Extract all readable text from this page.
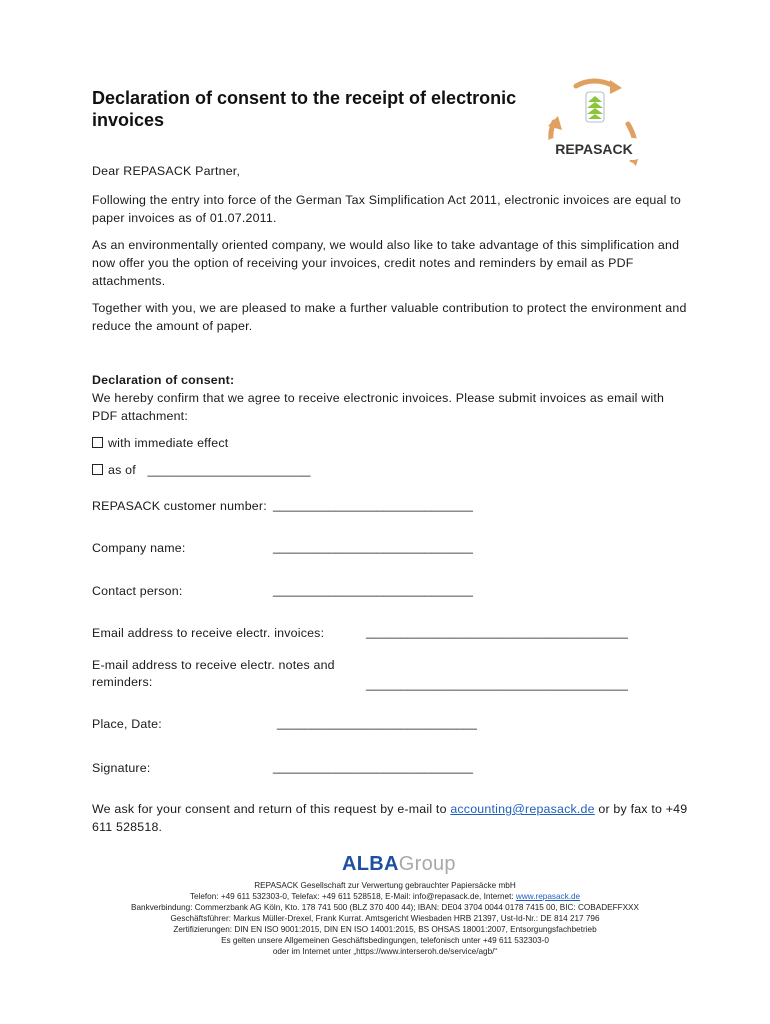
Declaration of consent to the receipt of electronic invoices
REPASACK
Dear REPASACK Partner,
Following the entry into force of the German Tax Simplification Act 2011, electronic invoices are equal to paper invoices as of 01.07.2011.
As an environmentally oriented company, we would also like to take advantage of this simplification and now offer you the option of receiving your invoices, credit notes and reminders by email as PDF attachments.
Together with you, we are pleased to make a further valuable contribution to protect the environment and reduce the amount of paper.
Declaration of consent:
We hereby confirm that we agree to receive electronic invoices. Please submit invoices as email with PDF attachment:
with immediate effect
as of _______________________
REPASACK customer number: _____________________________
Company name:	_____________________________
Contact person:	_____________________________
Email address to receive electr. invoices:	______________________________________
E-mail address to receive electr. notes and reminders:	______________________________________
Place, Date:	_____________________________
Signature:	_____________________________
We ask for your consent and return of this request by e-mail to accounting@repasack.de or by fax to +49 611 528518.
ALBAGroup
REPASACK Gesellschaft zur Verwertung gebrauchter Papiersäcke mbH
Telefon: +49 611 532303-0, Telefax: +49 611 528518, E-Mail: info@repasack.de, Internet: www.repasack.de
Bankverbindung: Commerzbank AG Köln, Kto. 178 741 500 (BLZ 370 400 44); IBAN: DE04 3704 0044 0178 7415 00, BIC: COBADEFFXXX
Geschäftsführer: Markus Müller-Drexel, Frank Kurrat. Amtsgericht Wiesbaden HRB 21397, Ust-Id-Nr.: DE 814 217 796
Zertifizierungen: DIN EN ISO 9001:2015, DIN EN ISO 14001:2015, BS OHSAS 18001:2007, Entsorgungsfachbetrieb
Es gelten unsere Allgemeinen Geschäftsbedingungen, telefonisch unter +49 611 532303-0
oder im Internet unter „https://www.interseroh.de/service/agb/“
